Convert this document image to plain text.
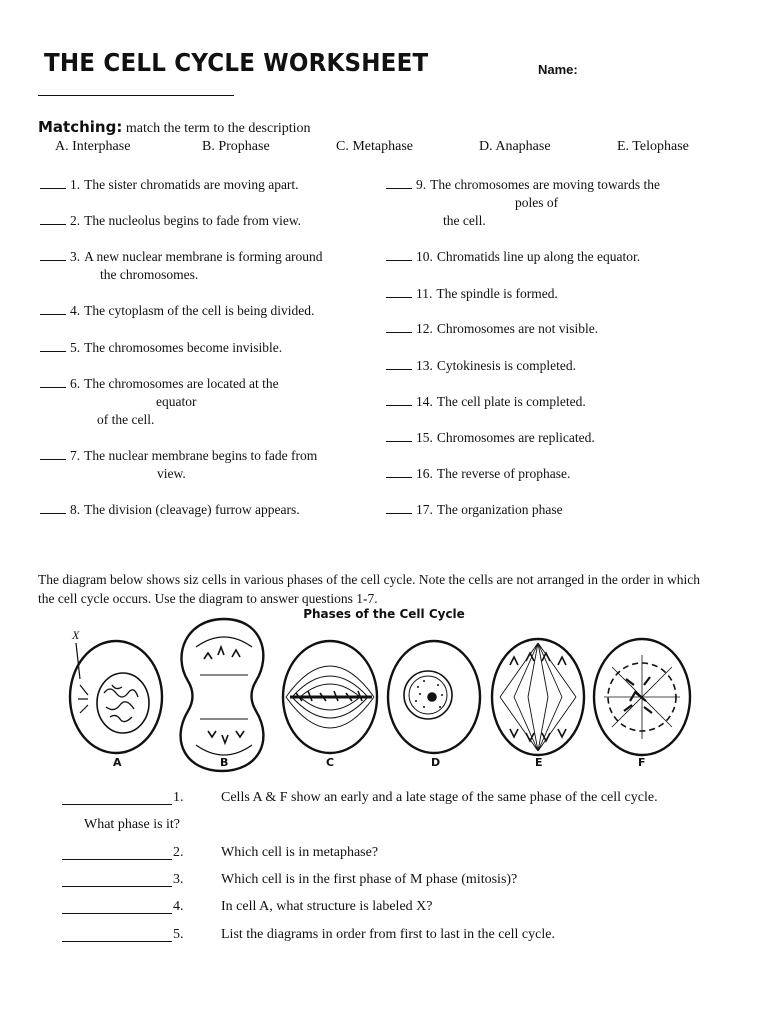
THE CELL CYCLE WORKSHEET	Name:
Matching: match the term to the description
A. Interphase	B. Prophase	C. Metaphase	D. Anaphase	E. Telophase
1. The sister chromatids are moving apart.
2. The nucleolus begins to fade from view.
3. A new nuclear membrane is forming around
the chromosomes.
4. The cytoplasm of the cell is being divided.
5. The chromosomes become invisible.
6. The chromosomes are located at the
equator
of the cell.
7. The nuclear membrane begins to fade from
view.
8. The division (cleavage) furrow appears.
9. The chromosomes are moving towards the
poles of
the cell.
10. Chromatids line up along the equator.
11. The spindle is formed.
12. Chromosomes are not visible.
13. Cytokinesis is completed.
14. The cell plate is completed.
15. Chromosomes are replicated.
16. The reverse of prophase.
17. The organization phase
The diagram below shows siz cells in various phases of the cell cycle. Note the cells are not arranged in the order in which the cell cycle occurs. Use the diagram to answer questions 1-7.
Phases of the Cell Cycle
X
A	B	C	D	E	F
1.	Cells A & F show an early and a late stage of the same phase of the cell cycle.
What phase is it?
2.	Which cell is in metaphase?
3.	Which cell is in the first phase of M phase (mitosis)?
4.	In cell A, what structure is labeled X?
5.	List the diagrams in order from first to last in the cell cycle.
